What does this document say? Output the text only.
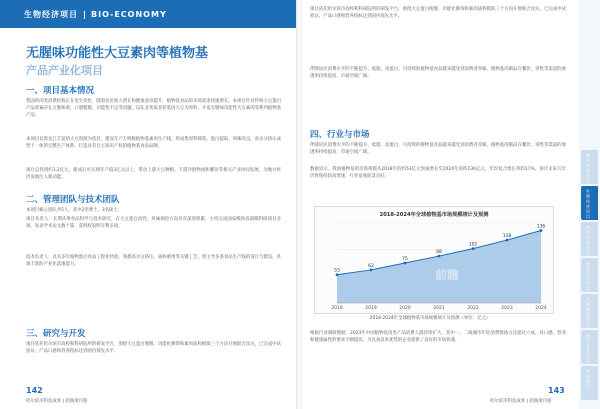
生物经济项目 BIO-ECONOMY
无腥味功能性大豆素肉等植物基
产品产业化项目
一、项目基本情况
我国的肉类消费结构正在发生变化，随着居民收入增长和健康意识提升，植物基食品的市场需求快速增长。本项目针对传统大豆蛋白产品普遍存在豆腥味重、口感粗糙、功能性不足等问题，以东北优质非转基因大豆为原料，开发无腥味功能性大豆素肉等系列植物基产品。
本项目以黑龙江丰富的大豆资源为依托，建设年产万吨级植物基素肉生产线，形成集原料筛选、蛋白提取、风味改良、高水分挤压成型于一体的完整生产体系，打造具有自主知识产权的植物基食品品牌。
项目总投资约1.2亿元，建成后可实现年产值3亿元以上，带动上游大豆种植、下游冷链物流和餐饮等相关产业协同发展，为地方经济发展注入新动能。
二、管理团队与技术团队
本项目核心团队共5人，其中2名博士、3名硕士。
项目负责人：长期从事食品科学与技术研究，在大豆蛋白改性、风味调控方向具有深厚积累，主持完成国家级和省部级科研项目多项，发表学术论文数十篇，获授权发明专利多项。
技术负责人：具有多年植物蛋白食品工程化经验，熟悉高水分挤压、质构重组等关键工艺，曾主导多条食品生产线的设计与建设，具备丰富的产业化落地能力。
三、研究与开发
项目依托哈尔滨市高校和科研院所的研发平台，围绕大豆蛋白脱腥、功能化修饰和素肉质构模拟三个方向开展联合攻关，已完成中试验证，产品口感和营养指标达到国内领先水平。
142
哈尔滨市科技成果 | 招商项目册
项目依托哈尔滨市高校和科研院所的研发平台，围绕大豆蛋白脱腥、功能化修饰和素肉质构模拟三个方向开展联合攻关，已完成中试验证，产品口感和营养指标达到国内领先水平。
伴随居民消费水平的不断提升，低脂、高蛋白、可持续的植物基食品越来越受到消费者青睐，植物基肉制品在餐饮、零售等渠道的渗透率持续提高，市场空间广阔。
四、行业与市场
伴随居民消费水平的不断提升，低脂、高蛋白、可持续的植物基食品越来越受到消费者青睐，植物基肉制品在餐饮、零售等渠道的渗透率持续提高，市场空间广阔。
数据显示，我国植物基肉市场规模从2018年的约53亿元快速增长至2024年的约136亿元，年均复合增长率约17%，预计未来几年仍将保持较高增速，行业发展前景良好。
2018-2024年全球植物基市场规模统计及预测
53
2018
62
2019
75
2020
88
2021
102
2022
118
2023
136
2024
前瞻
2018-2024年全球植物基市场规模统计及预测（单位：亿元）
根据行业调研数据，2023年中国植物基肉类产品消费人群持续扩大，其中一、二线城市年轻消费群体占比超过六成，对口感、营养和健康属性的要求不断提高，为具备技术优势的企业提供了良好的市场机遇。
143
哈尔滨市科技成果 | 招商项目册
数字经济项目
生物经济项目
冰雪经济项目
创意设计项目
先进制造项目
现代农业项目
其他项目
